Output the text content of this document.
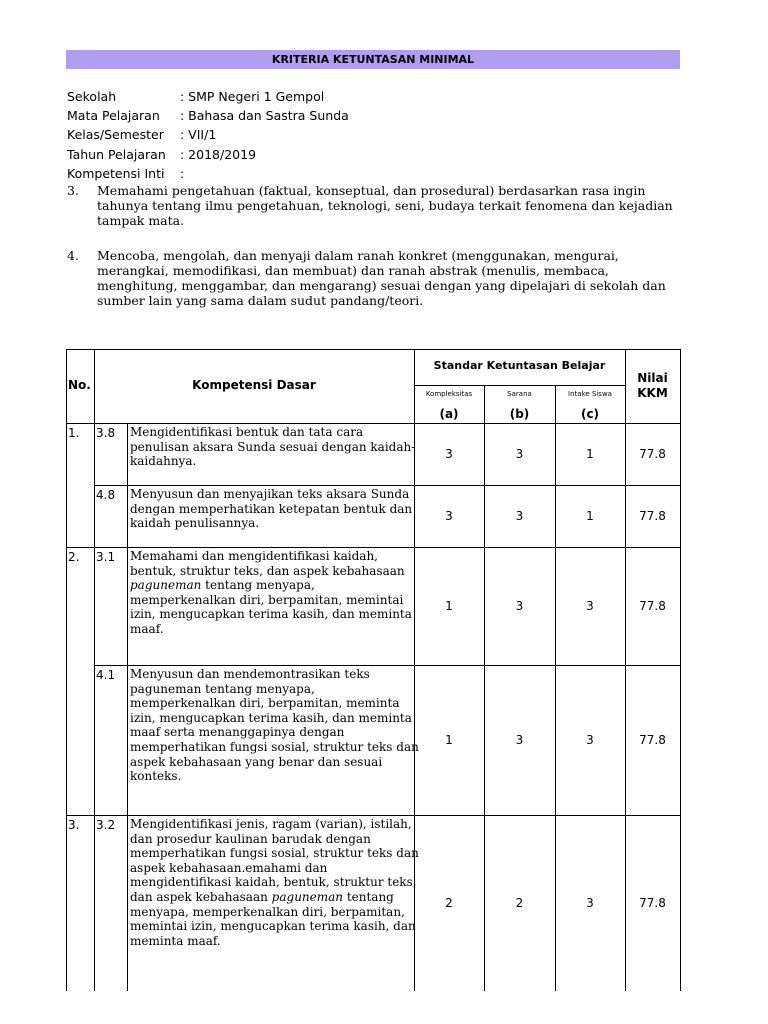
KRITERIA KETUNTASAN MINIMAL
Sekolah	: SMP Negeri 1 Gempol
Mata Pelajaran : Bahasa dan Sastra Sunda
Kelas/Semester : VII/1
Tahun Pelajaran : 2018/2019
Kompetensi Inti :
3. Memahami pengetahuan (faktual, konseptual, dan prosedural) berdasarkan rasa ingin tahunya tentang ilmu pengetahuan, teknologi, seni, budaya terkait fenomena dan kejadian tampak mata.
4. Mencoba, mengolah, dan menyaji dalam ranah konkret (menggunakan, mengurai, merangkai, memodifikasi, dan membuat) dan ranah abstrak (menulis, membaca, menghitung, menggambar, dan mengarang) sesuai dengan yang dipelajari di sekolah dan sumber lain yang sama dalam sudut pandang/teori.
No.	Kompetensi Dasar
Standar Ketuntasan Belajar
Kompleksitas	Sarana	Intake Siswa
(a)	(b)	(c)
Nilai
KKM
1.	3.8	Mengidentifikasi bentuk dan tata cara
penulisan aksara Sunda sesuai dengan kaidah-
kaidahnya.
3	3	1	77.8
4.8	Menyusun dan menyajikan teks aksara Sunda
dengan memperhatikan ketepatan bentuk dan
kaidah penulisannya.
3	3	1	77.8
2.	3.1	Memahami dan mengidentifikasi kaidah,
bentuk, struktur teks, dan aspek kebahasaan
paguneman tentang menyapa,
memperkenalkan diri, berpamitan, memintai
izin, mengucapkan terima kasih, dan meminta
maaf.
1	3	3	77.8
4.1	Menyusun dan mendemontrasikan teks
paguneman tentang menyapa,
memperkenalkan diri, berpamitan, meminta
izin, mengucapkan terima kasih, dan meminta
maaf serta menanggapinya dengan
memperhatikan fungsi sosial, struktur teks dan
aspek kebahasaan yang benar dan sesuai
konteks.
1	3	3	77.8
3.	3.2	Mengidentifikasi jenis, ragam (varian), istilah,
dan prosedur kaulinan barudak dengan
memperhatikan fungsi sosial, struktur teks dan
aspek kebahasaan.emahami dan
mengidentifikasi kaidah, bentuk, struktur teks,
dan aspek kebahasaan paguneman tentang
menyapa, memperkenalkan diri, berpamitan,
memintai izin, mengucapkan terima kasih, dan
meminta maaf.
2	2	3	77.8
